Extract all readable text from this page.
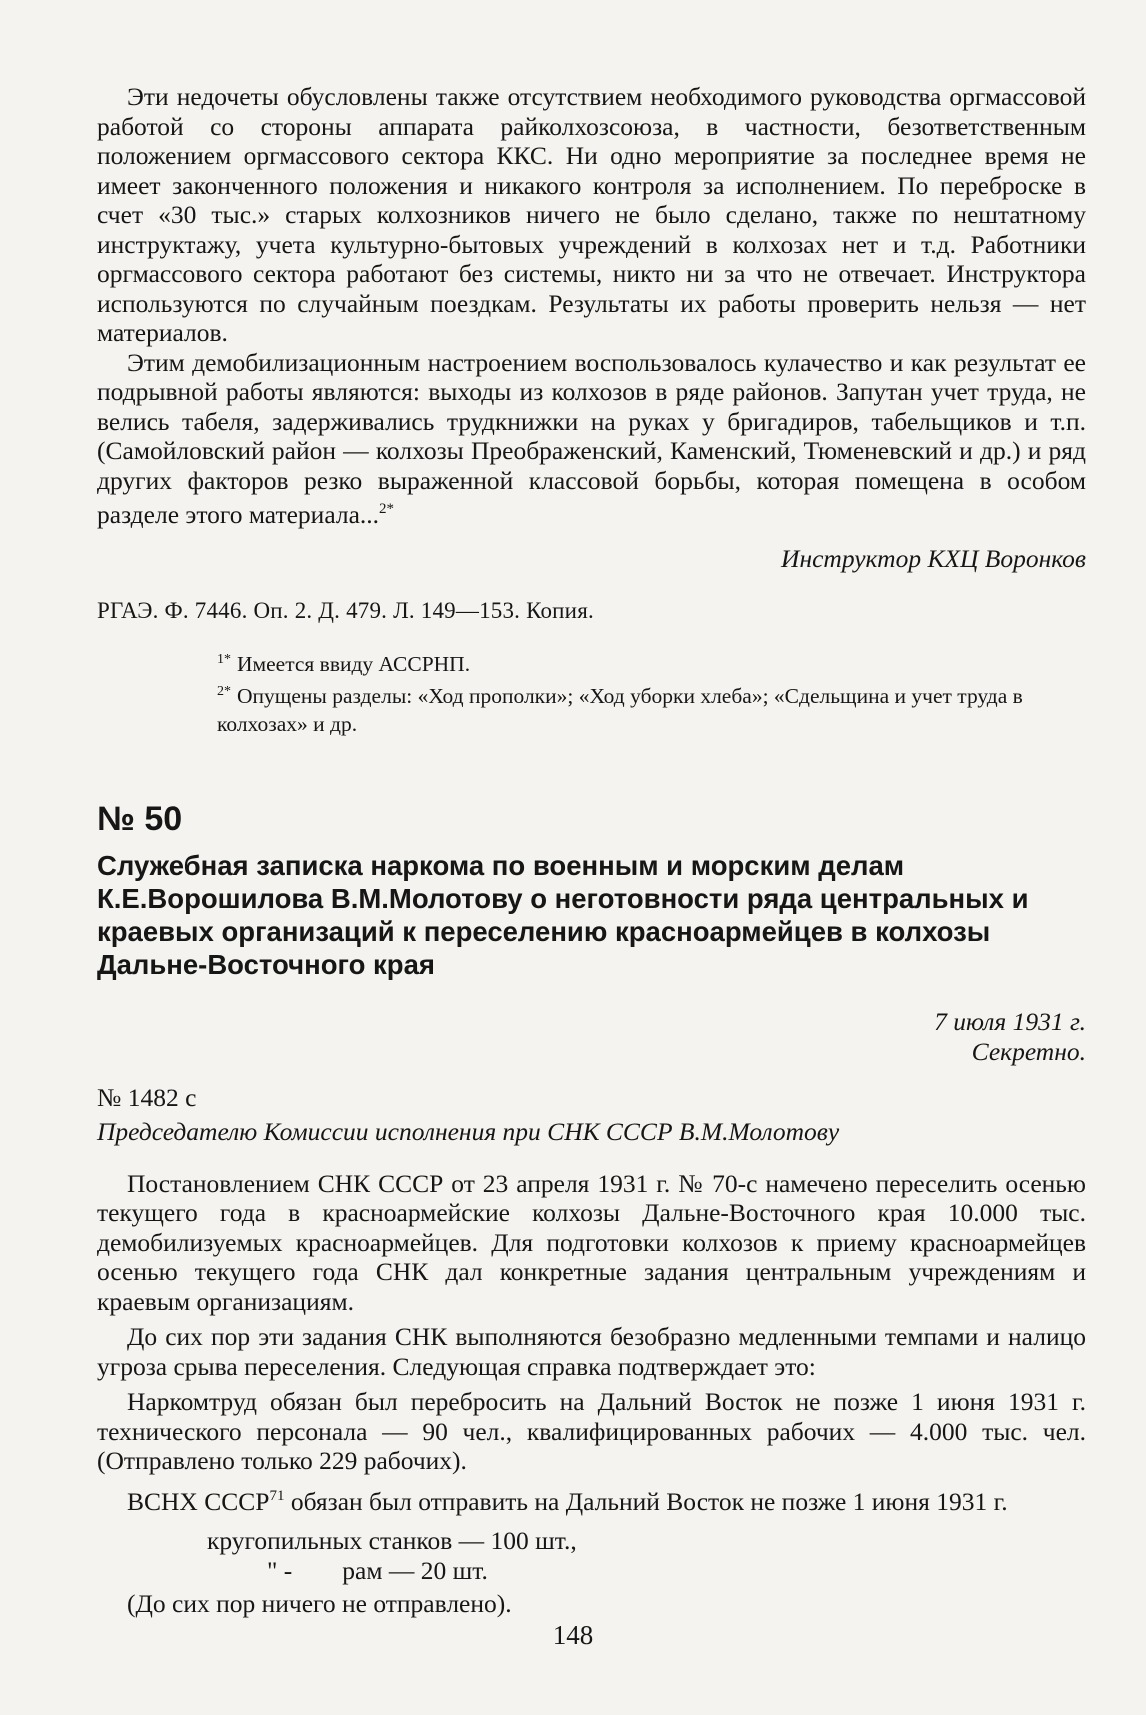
Эти недочеты обусловлены также отсутствием необходимого руководства оргмассовой работой со стороны аппарата райколхозсоюза, в частности, безответственным положением оргмассового сектора ККС. Ни одно мероприятие за последнее время не имеет законченного положения и никакого контроля за исполнением. По переброске в счет «30 тыс.» старых колхозников ничего не было сделано, также по нештатному инструктажу, учета культурно-бытовых учреждений в колхозах нет и т.д. Работники оргмассового сектора работают без системы, никто ни за что не отвечает. Инструктора используются по случайным поездкам. Результаты их работы проверить нельзя — нет материалов.

Этим демобилизационным настроением воспользовалось кулачество и как результат ее подрывной работы являются: выходы из колхозов в ряде районов. Запутан учет труда, не велись табеля, задерживались трудкнижки на руках у бригадиров, табельщиков и т.п. (Самойловский район — колхозы Преображенский, Каменский, Тюменевский и др.) и ряд других факторов резко выраженной классовой борьбы, которая помещена в особом разделе этого материала...$^{2*}$

Инструктор КХЦ Воронков

РГАЭ. Ф. 7446. Оп. 2. Д. 479. Л. 149—153. Копия.

$^{1*}$ Имеется ввиду АССРНП.

$^{2*}$ Опущены разделы: «Ход прополки»; «Ход уборки хлеба»; «Сдельщина и учет труда в колхозах» и др.

№ 50

Служебная записка наркома по военным и морским делам К.Е.Ворошилова В.М.Молотову о неготовности ряда центральных и краевых организаций к переселению красноармейцев в колхозы Дальне-Восточного края

7 июля 1931 г.

Секретно.

№ 1482 с

Председателю Комиссии исполнения при СНК СССР В.М.Молотову

Постановлением СНК СССР от 23 апреля 1931 г. № 70-с намечено переселить осенью текущего года в красноармейские колхозы Дальне-Восточного края 10.000 тыс. демобилизуемых красноармейцев. Для подготовки колхозов к приему красноармейцев осенью текущего года СНК дал конкретные задания центральным учреждениям и краевым организациям.

До сих пор эти задания СНК выполняются безобразно медленными темпами и налицо угроза срыва переселения. Следующая справка подтверждает это:

Наркомтруд обязан был перебросить на Дальний Восток не позже 1 июня 1931 г. технического персонала — 90 чел., квалифицированных рабочих — 4.000 тыс. чел. (Отправлено только 229 рабочих).

ВСНХ СССР$^{71}$ обязан был отправить на Дальний Восток не позже 1 июня 1931 г.

кругопильных станков — 100 шт.,

" - рам — 20 шт.

(До сих пор ничего не отправлено).

148
